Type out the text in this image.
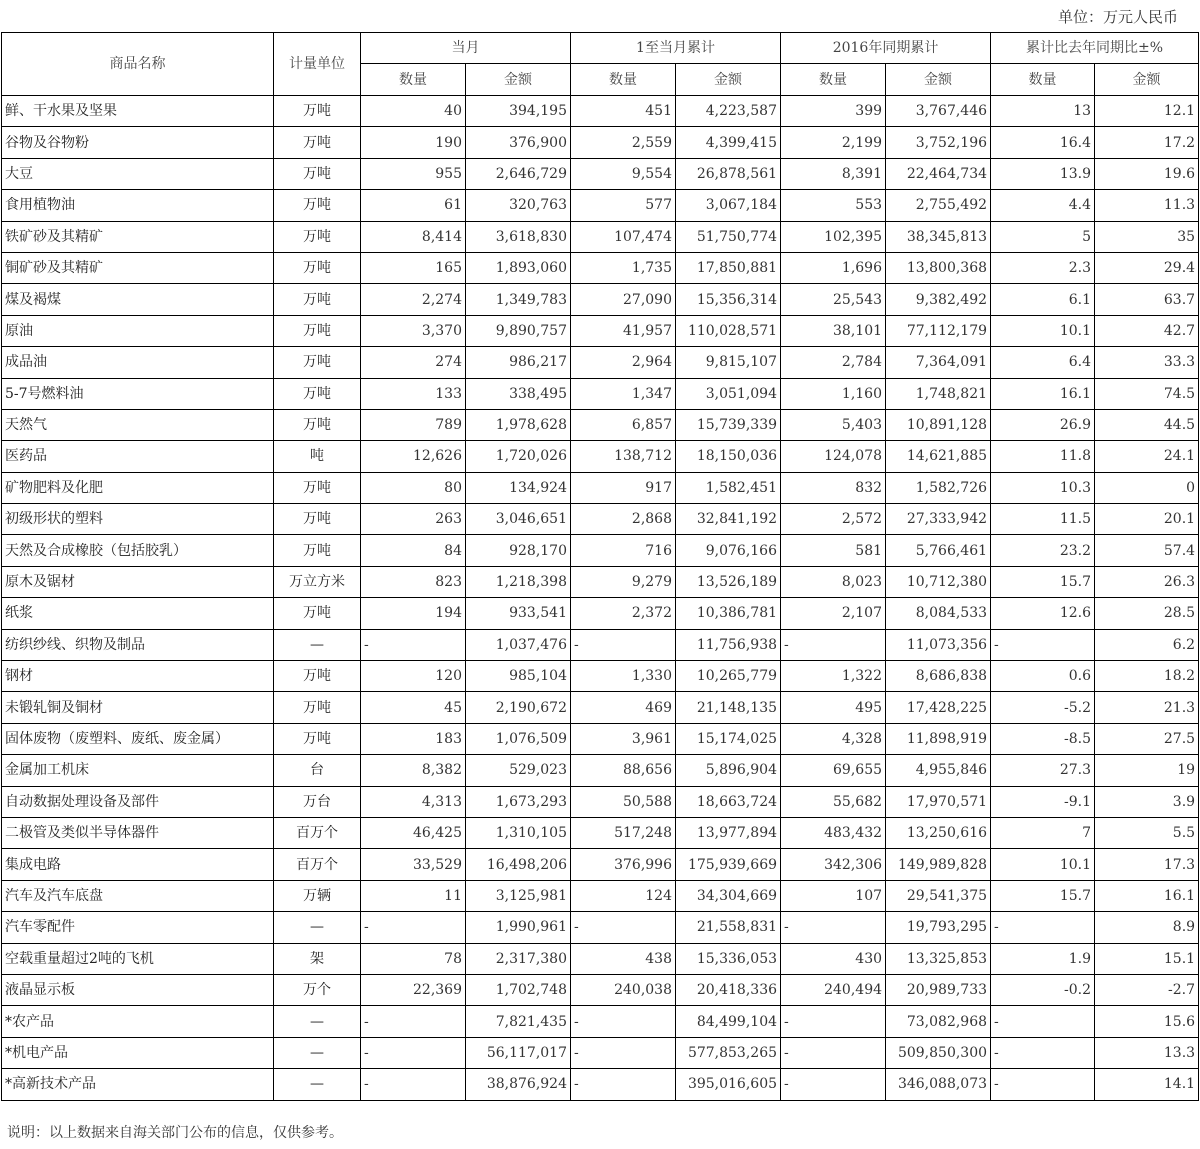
单位：万元人民币
商品名称	计量单位	当月		1至当月累计		2016年同期累计		累计比去年同期比±%	
		数量	金额	数量	金额	数量	金额	数量	金额
鲜、干水果及坚果	万吨	40	394,195	451	4,223,587	399	3,767,446	13	12.1
谷物及谷物粉	万吨	190	376,900	2,559	4,399,415	2,199	3,752,196	16.4	17.2
大豆	万吨	955	2,646,729	9,554	26,878,561	8,391	22,464,734	13.9	19.6
食用植物油	万吨	61	320,763	577	3,067,184	553	2,755,492	4.4	11.3
铁矿砂及其精矿	万吨	8,414	3,618,830	107,474	51,750,774	102,395	38,345,813	5	35
铜矿砂及其精矿	万吨	165	1,893,060	1,735	17,850,881	1,696	13,800,368	2.3	29.4
煤及褐煤	万吨	2,274	1,349,783	27,090	15,356,314	25,543	9,382,492	6.1	63.7
原油	万吨	3,370	9,890,757	41,957	110,028,571	38,101	77,112,179	10.1	42.7
成品油	万吨	274	986,217	2,964	9,815,107	2,784	7,364,091	6.4	33.3
5-7号燃料油	万吨	133	338,495	1,347	3,051,094	1,160	1,748,821	16.1	74.5
天然气	万吨	789	1,978,628	6,857	15,739,339	5,403	10,891,128	26.9	44.5
医药品	吨	12,626	1,720,026	138,712	18,150,036	124,078	14,621,885	11.8	24.1
矿物肥料及化肥	万吨	80	134,924	917	1,582,451	832	1,582,726	10.3	0
初级形状的塑料	万吨	263	3,046,651	2,868	32,841,192	2,572	27,333,942	11.5	20.1
天然及合成橡胶（包括胶乳）	万吨	84	928,170	716	9,076,166	581	5,766,461	23.2	57.4
原木及锯材	万立方米	823	1,218,398	9,279	13,526,189	8,023	10,712,380	15.7	26.3
纸浆	万吨	194	933,541	2,372	10,386,781	2,107	8,084,533	12.6	28.5
纺织纱线、织物及制品	—	-	1,037,476	-	11,756,938	-	11,073,356	-	6.2
钢材	万吨	120	985,104	1,330	10,265,779	1,322	8,686,838	0.6	18.2
未锻轧铜及铜材	万吨	45	2,190,672	469	21,148,135	495	17,428,225	-5.2	21.3
固体废物（废塑料、废纸、废金属）	万吨	183	1,076,509	3,961	15,174,025	4,328	11,898,919	-8.5	27.5
金属加工机床	台	8,382	529,023	88,656	5,896,904	69,655	4,955,846	27.3	19
自动数据处理设备及部件	万台	4,313	1,673,293	50,588	18,663,724	55,682	17,970,571	-9.1	3.9
二极管及类似半导体器件	百万个	46,425	1,310,105	517,248	13,977,894	483,432	13,250,616	7	5.5
集成电路	百万个	33,529	16,498,206	376,996	175,939,669	342,306	149,989,828	10.1	17.3
汽车及汽车底盘	万辆	11	3,125,981	124	34,304,669	107	29,541,375	15.7	16.1
汽车零配件	—	-	1,990,961	-	21,558,831	-	19,793,295	-	8.9
空载重量超过2吨的飞机	架	78	2,317,380	438	15,336,053	430	13,325,853	1.9	15.1
液晶显示板	万个	22,369	1,702,748	240,038	20,418,336	240,494	20,989,733	-0.2	-2.7
*农产品	—	-	7,821,435	-	84,499,104	-	73,082,968	-	15.6
*机电产品	—	-	56,117,017	-	577,853,265	-	509,850,300	-	13.3
*高新技术产品	—	-	38,876,924	-	395,016,605	-	346,088,073	-	14.1
说明：以上数据来自海关部门公布的信息，仅供参考。
